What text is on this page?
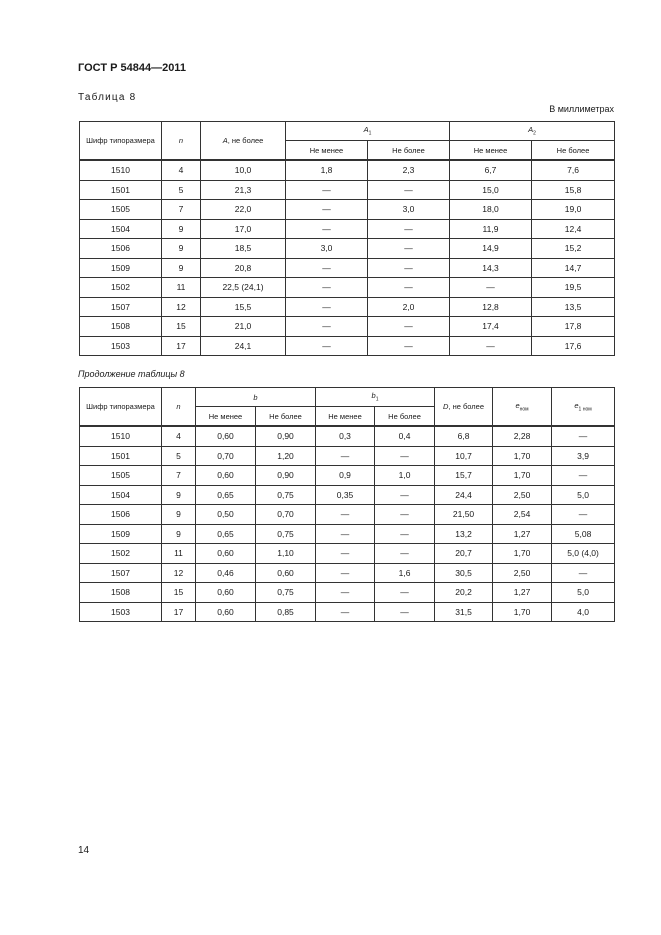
ГОСТ Р 54844—2011
Таблица 8
В миллиметрах
Шифр типоразмера	n	A, не более	$A_1$		$A_2$
			Не менее	Не более	Не менее	Не более
1510	4	10,0	1,8	2,3	6,7	7,6
1501	5	21,3	—	—	15,0	15,8
1505	7	22,0	—	3,0	18,0	19,0
1504	9	17,0	—	—	11,9	12,4
1506	9	18,5	3,0	—	14,9	15,2
1509	9	20,8	—	—	14,3	14,7
1502	11	22,5 (24,1)	—	—	—	19,5
1507	12	15,5	—	2,0	12,8	13,5
1508	15	21,0	—	—	17,4	17,8
1503	17	24,1	—	—	—	17,6
Продолжение таблицы 8
Шифр типоразмера	n	b		$b_1$		D, не более	$e_{ном}$	$e_{1 ном}$
		Не менее	Не более	Не менее	Не более			
1510	4	0,60	0,90	0,3	0,4	6,8	2,28	—
1501	5	0,70	1,20	—	—	10,7	1,70	3,9
1505	7	0,60	0,90	0,9	1,0	15,7	1,70	—
1504	9	0,65	0,75	0,35	—	24,4	2,50	5,0
1506	9	0,50	0,70	—	—	21,50	2,54	—
1509	9	0,65	0,75	—	—	13,2	1,27	5,08
1502	11	0,60	1,10	—	—	20,7	1,70	5,0 (4,0)
1507	12	0,46	0,60	—	1,6	30,5	2,50	—
1508	15	0,60	0,75	—	—	20,2	1,27	5,0
1503	17	0,60	0,85	—	—	31,5	1,70	4,0
14
